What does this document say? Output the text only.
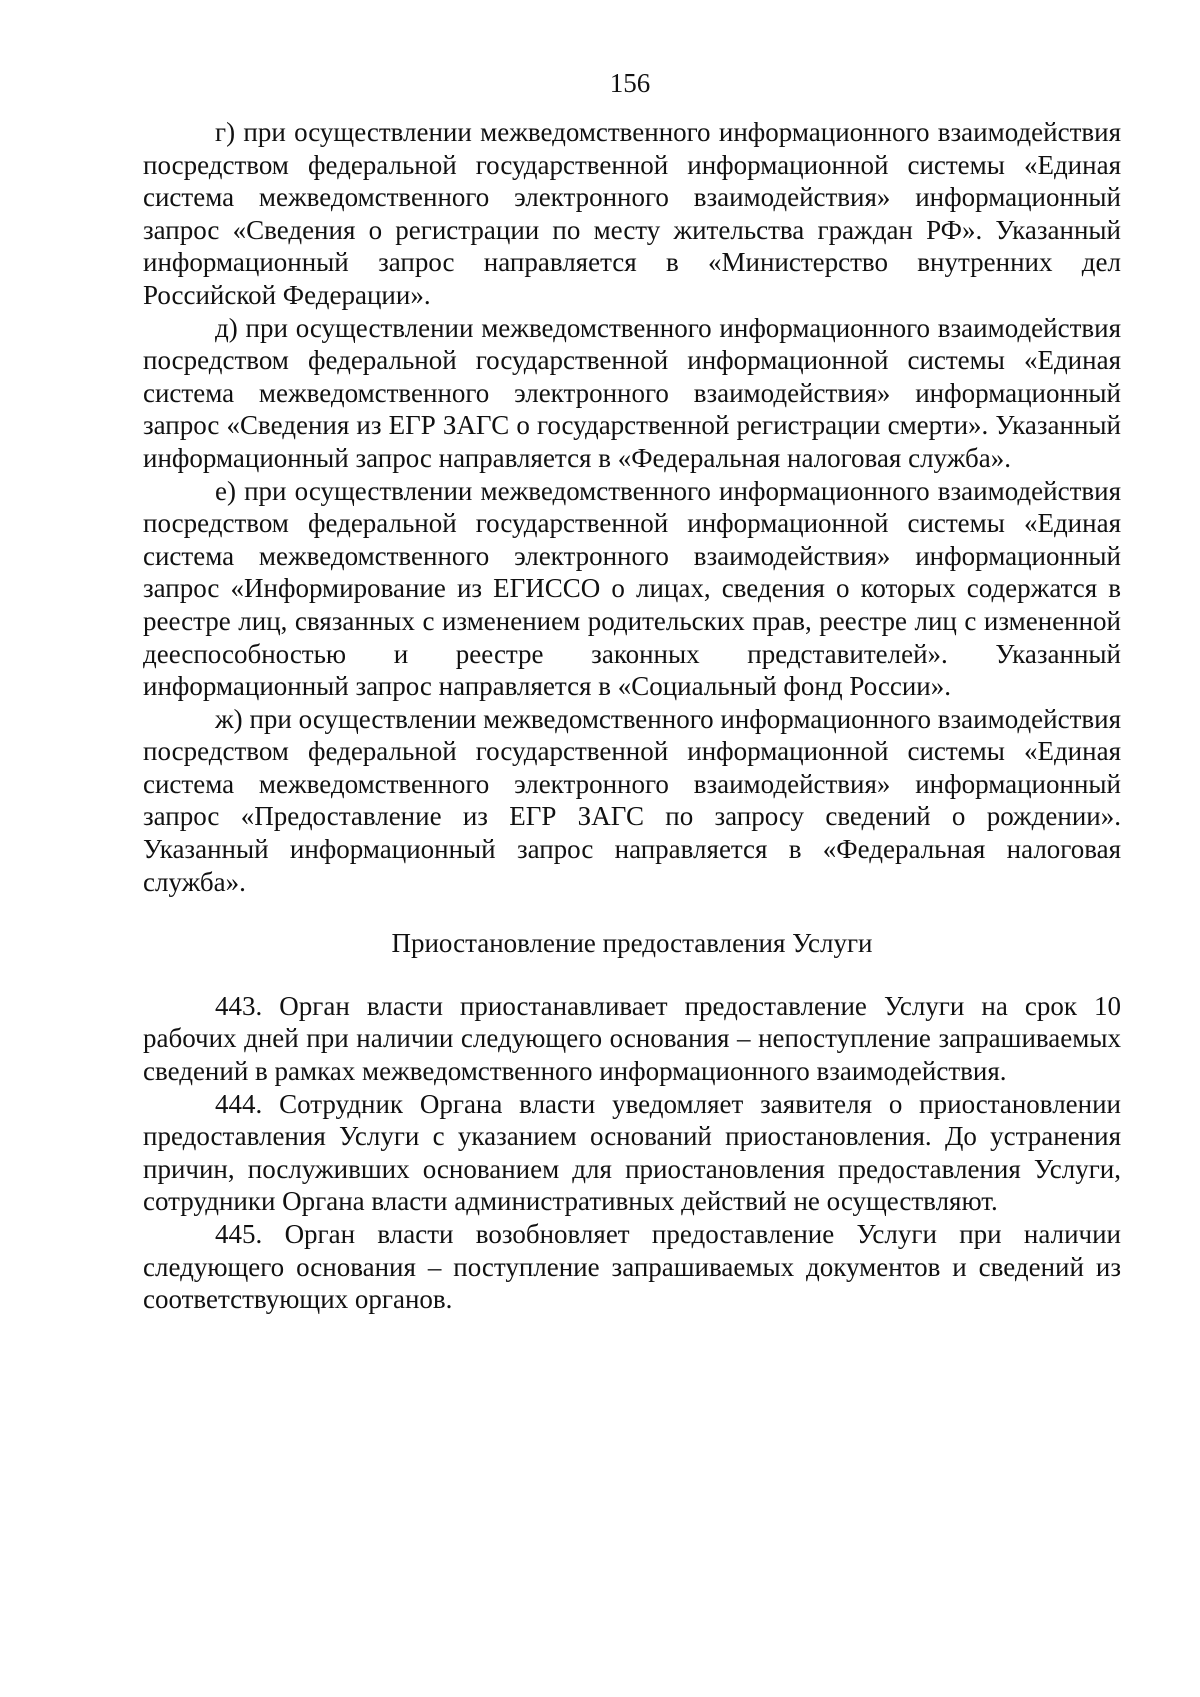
156

г) при осуществлении межведомственного информационного взаимодействия посредством федеральной государственной информационной системы «Единая система межведомственного электронного взаимодействия» информационный запрос «Сведения о регистрации по месту жительства граждан РФ». Указанный информационный запрос направляется в «Министерство внутренних дел Российской Федерации».

д) при осуществлении межведомственного информационного взаимодействия посредством федеральной государственной информационной системы «Единая система межведомственного электронного взаимодействия» информационный запрос «Сведения из ЕГР ЗАГС о государственной регистрации смерти». Указанный информационный запрос направляется в «Федеральная налоговая служба».

е) при осуществлении межведомственного информационного взаимодействия посредством федеральной государственной информационной системы «Единая система межведомственного электронного взаимодействия» информационный запрос «Информирование из ЕГИССО о лицах, сведения о которых содержатся в реестре лиц, связанных с изменением родительских прав, реестре лиц с измененной дееспособностью и реестре законных представителей». Указанный информационный запрос направляется в «Социальный фонд России».

ж) при осуществлении межведомственного информационного взаимодействия посредством федеральной государственной информационной системы «Единая система межведомственного электронного взаимодействия» информационный запрос «Предоставление из ЕГР ЗАГС по запросу сведений о рождении». Указанный информационный запрос направляется в «Федеральная налоговая служба».

Приостановление предоставления Услуги

443. Орган власти приостанавливает предоставление Услуги на срок 10 рабочих дней при наличии следующего основания – непоступление запрашиваемых сведений в рамках межведомственного информационного взаимодействия.

444. Сотрудник Органа власти уведомляет заявителя о приостановлении предоставления Услуги с указанием оснований приостановления. До устранения причин, послуживших основанием для приостановления предоставления Услуги, сотрудники Органа власти административных действий не осуществляют.

445. Орган власти возобновляет предоставление Услуги при наличии следующего основания – поступление запрашиваемых документов и сведений из соответствующих органов.
